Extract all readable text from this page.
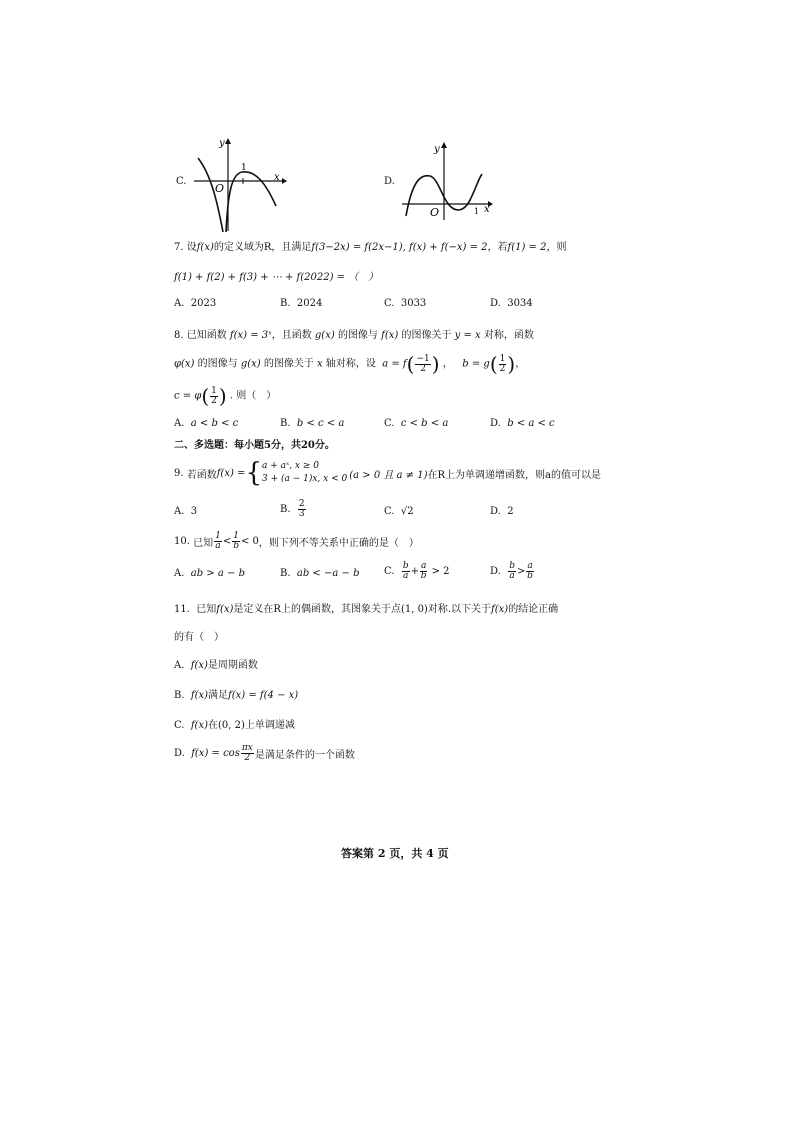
C.
y
x
O
1
D.
y
x
O	1
7. 设f(x)的定义域为R，且满足f(3−2x) = f(2x−1), f(x) + f(−x) = 2，若f(1) = 2，则
f(1) + f(2) + f(3) + ⋯ + f(2022) = （　）
A. 2023	B. 2024	C. 3033	D. 3034
8. 已知函数 f(x) = 3ˣ，且函数 g(x) 的图像与 f(x) 的图像关于 y = x 对称，函数
φ(x) 的图像与 g(x) 的图像关于 x 轴对称，设 $a = f( \frac{-1}{2}$ ) ， $b = g( \frac{1}{2}$ )，
$c = \varphi( \frac{1}{2}$ ) . 则（　）
A. a < b < c	B. b < c < a	C. c < b < a	D. b < a < c
二、多选题：每小题5分，共20分。
9.
若函数 f(x) = { a + aˣ, x ≥ 0
3 + (a − 1)x, x < 0 (a > 0 且 a ≠ 1) 在R上为单调递增函数，则a的值可以是
A. 3	B.
$\frac{2}{3}$	C. √2	D. 2
10.
已知 $\frac{1}{a} < \frac{1}{b} < 0$ ，则下列不等关系中正确的是（　）
A. ab > a − b	B. ab < −a − b C.
$\frac{b}{a} + \frac{a}{b}$
> 2	D.
$\frac{b}{a} > \frac{a}{b}$
11. 已知f(x)是定义在R上的偶函数，其图象关于点(1, 0)对称.以下关于f(x)的结论正确
的有（　）
A. f(x)是周期函数
B. f(x)满足f(x) = f(4 − x)
C. f(x)在(0, 2)上单调递减
D.
$f(x) = \cos \frac{\pi x}{2}$ 是满足条件的一个函数
答案第 2 页，共 4 页
